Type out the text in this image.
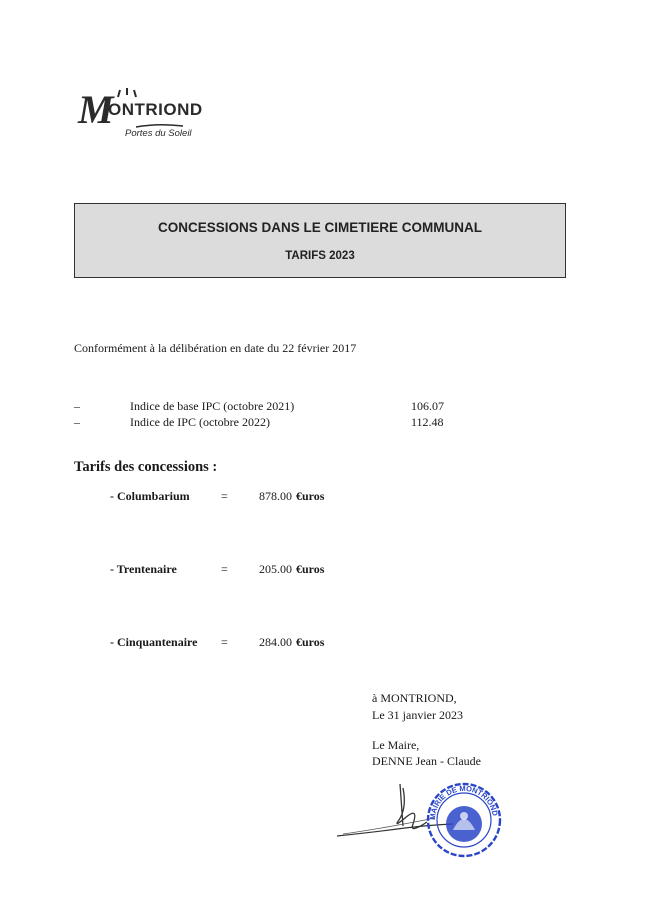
M
ONTRIOND
Portes du Soleil
CONCESSIONS DANS LE CIMETIERE COMMUNAL
TARIFS 2023
Conformément à la délibération en date du 22 février 2017
–	Indice de base IPC (octobre 2021)	106.07
–	Indice de IPC (octobre 2022)	112.48
Tarifs des concessions :
- Columbarium	=	878.00 €uros
- Trentenaire	=	205.00 €uros
- Cinquantenaire =	284.00 €uros
à MONTRIOND,
Le 31 janvier 2023
Le Maire,
DENNE Jean - Claude
MAIRIE DE MONTRIOND
